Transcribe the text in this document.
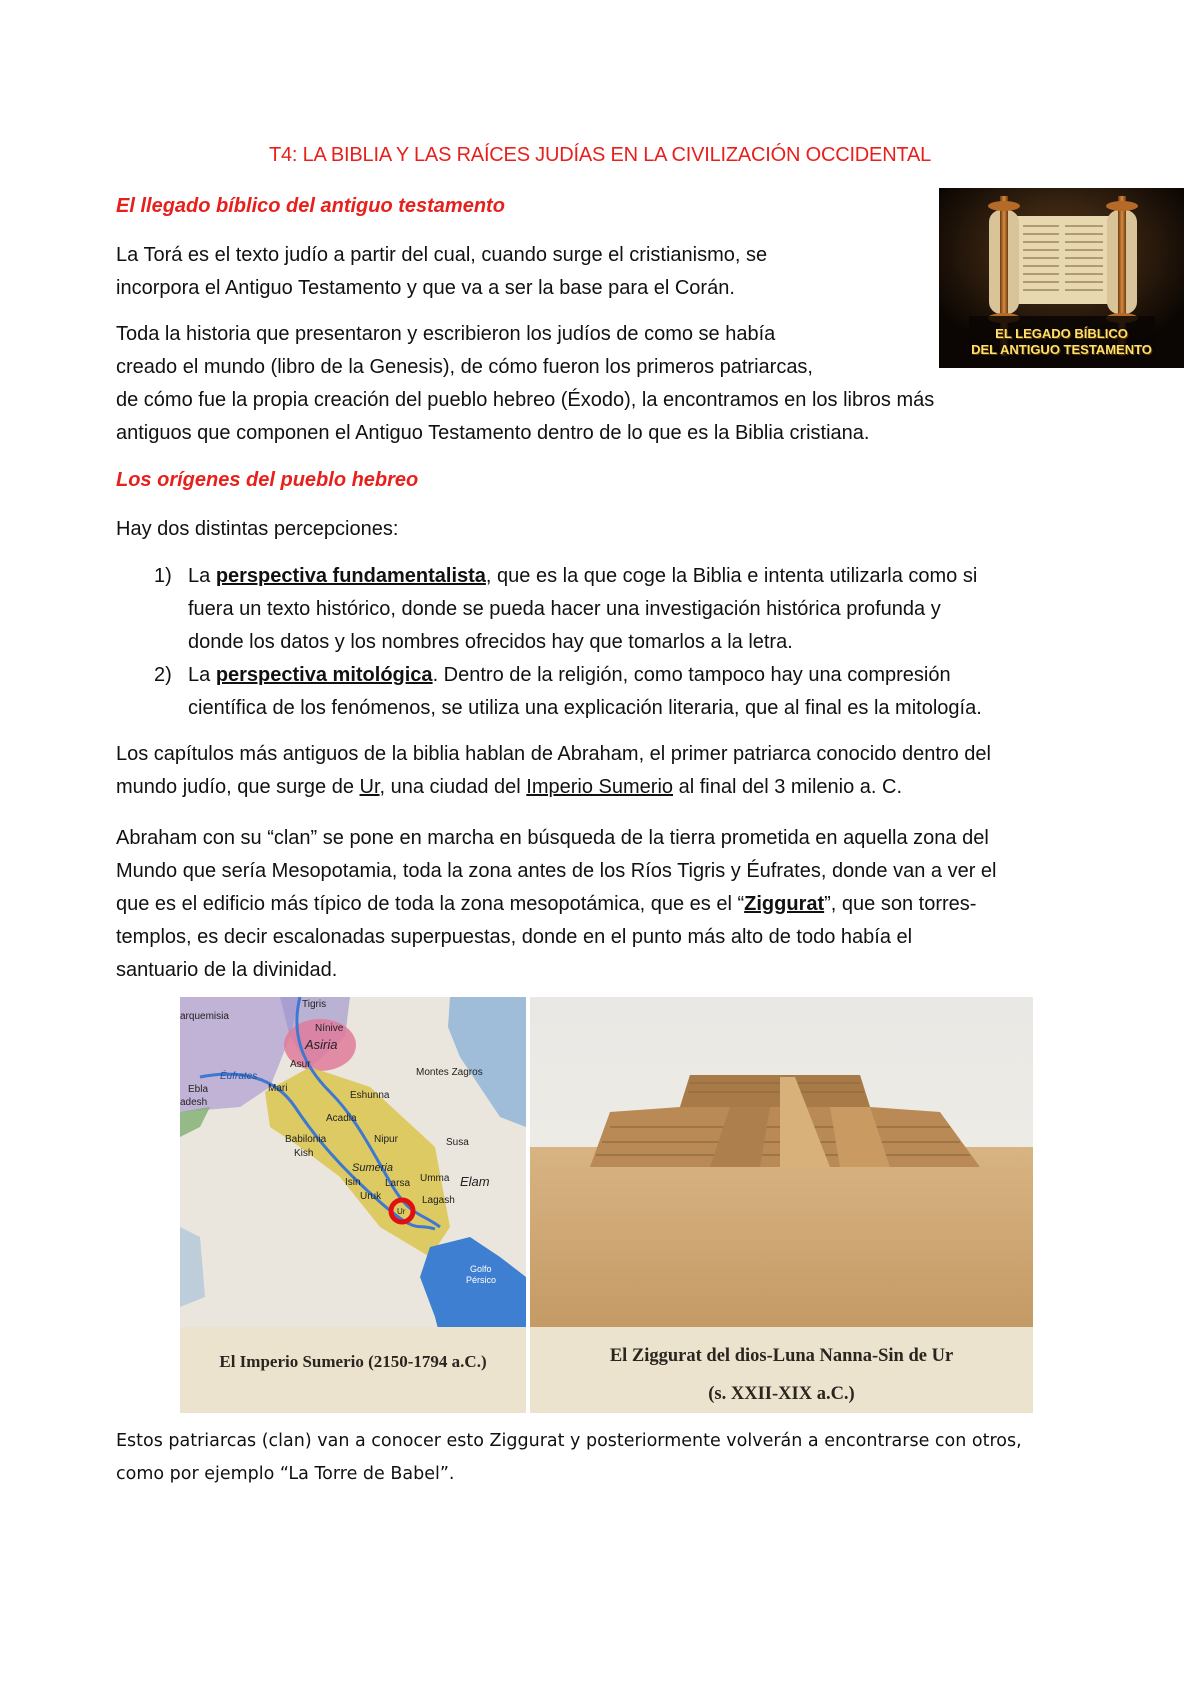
T4: LA BIBLIA Y LAS RAÍCES JUDÍAS EN LA CIVILIZACIÓN OCCIDENTAL
El llegado bíblico del antiguo testamento
EL LEGADO BÍBLICO
DEL ANTIGUO TESTAMENTO

La Torá es el texto judío a partir del cual, cuando surge el cristianismo, se

incorpora el Antiguo Testamento y que va a ser la base para el Corán.

Toda la historia que presentaron y escribieron los judíos de como se había

creado el mundo (libro de la Genesis), de cómo fueron los primeros patriarcas,

de cómo fue la propia creación del pueblo hebreo (Éxodo), la encontramos en los libros más

antiguos que componen el Antiguo Testamento dentro de lo que es la Biblia cristiana.

Los orígenes del pueblo hebreo
Hay dos distintas percepciones:
1) La perspectiva fundamentalista, que es la que coge la Biblia e intenta utilizarla como si
fuera un texto histórico, donde se pueda hacer una investigación histórica profunda y
donde los datos y los nombres ofrecidos hay que tomarlos a la letra.
2) La perspectiva mitológica. Dentro de la religión, como tampoco hay una compresión
científica de los fenómenos, se utiliza una explicación literaria, que al final es la mitología.

Los capítulos más antiguos de la biblia hablan de Abraham, el primer patriarca conocido dentro del

mundo judío, que surge de Ur, una ciudad del Imperio Sumerio al final del 3 milenio a. C.

Abraham con su “clan” se pone en marcha en búsqueda de la tierra prometida en aquella zona del

Mundo que sería Mesopotamia, toda la zona antes de los Ríos Tigris y Éufrates, donde van a ver el

que es el edificio más típico de toda la zona mesopotámica, que es el “Ziggurat”, que son torres-

templos, es decir escalonadas superpuestas, donde en el punto más alto de todo había el

santuario de la divinidad.

Tigris
arquemisia
Nínive
Asiria
Asur
Éufrates
Ebla	Mari
adesh
Montes Zagros
Eshunna
Acadia
Babilonia
Kish
Nipur	Susa
Sumeria
Isin Larsa Umma Elam
Uruk	Lagash
Ur
Golfo
Pérsico
El Imperio Sumerio (2150-1794 a.C.)	El Ziggurat del dios-Luna Nanna-Sin de Ur
(s. XXII-XIX a.C.)
Estos patriarcas (clan) van a conocer esto Ziggurat y posteriormente volverán a encontrarse con otros,
como por ejemplo “La Torre de Babel”.
